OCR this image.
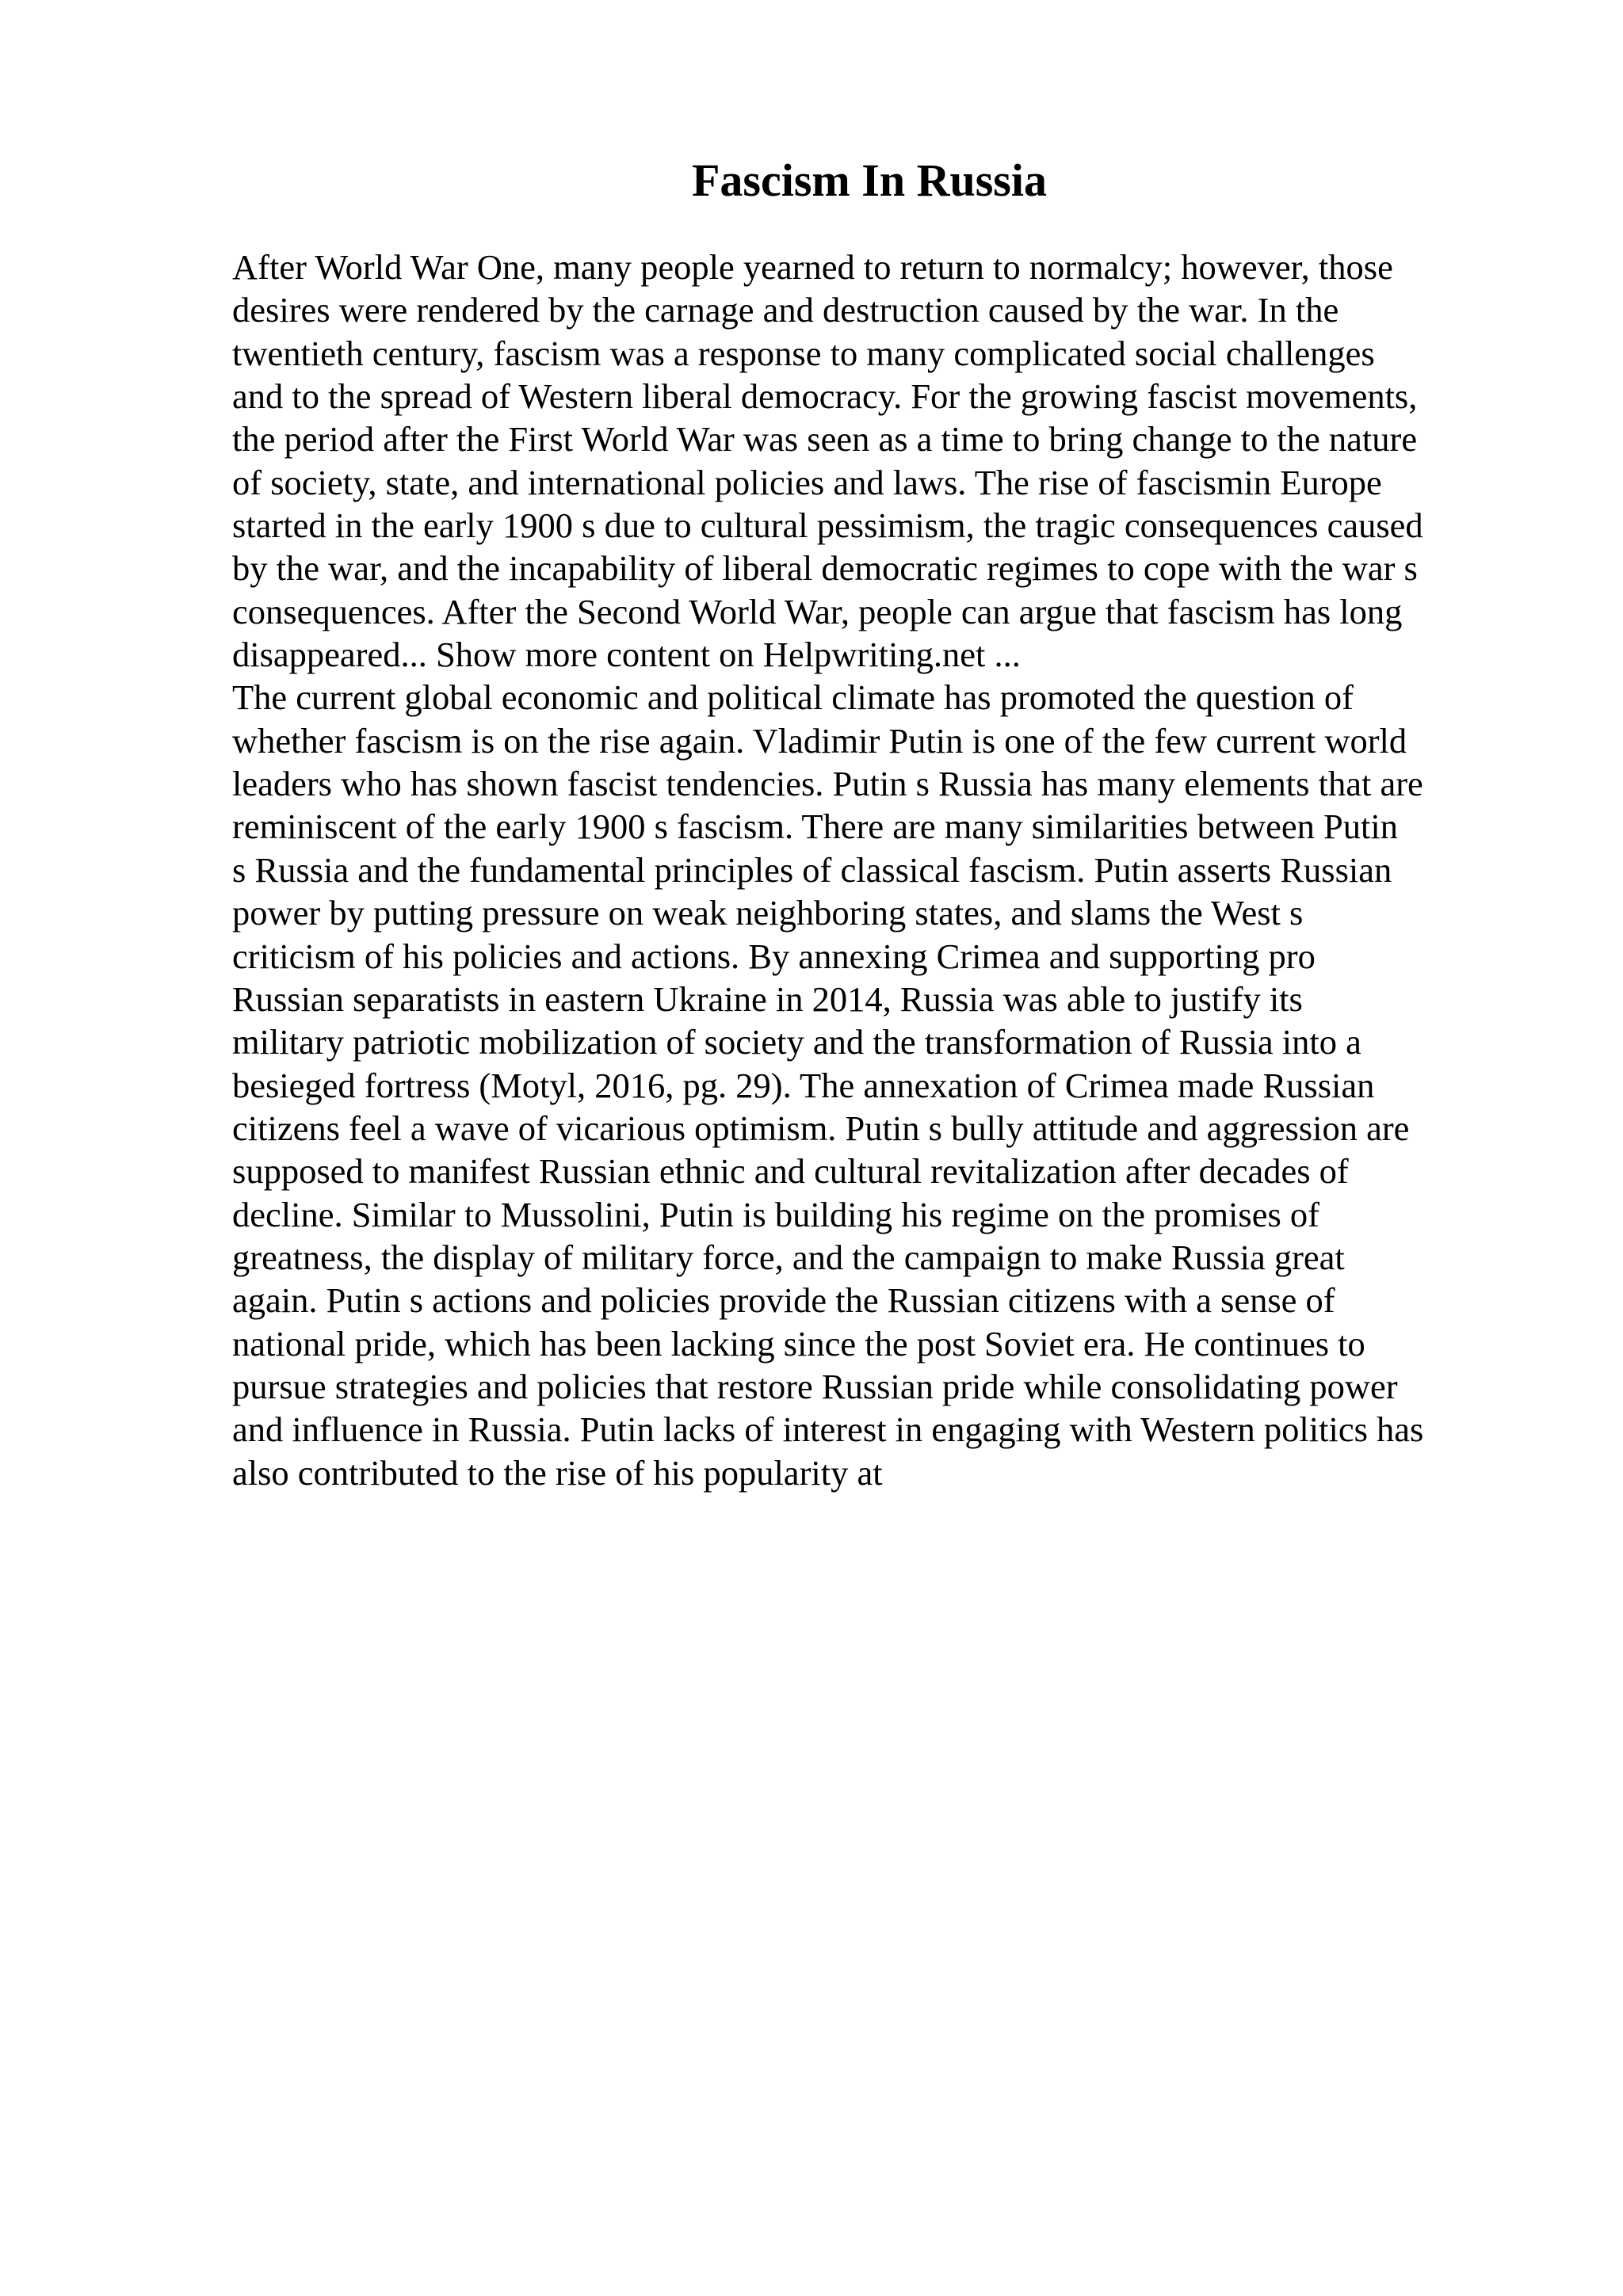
Fascism In Russia
After World War One, many people yearned to return to normalcy; however, those
desires were rendered by the carnage and destruction caused by the war. In the
twentieth century, fascism was a response to many complicated social challenges
and to the spread of Western liberal democracy. For the growing fascist movements,
the period after the First World War was seen as a time to bring change to the nature
of society, state, and international policies and laws. The rise of fascismin Europe
started in the early 1900 s due to cultural pessimism, the tragic consequences caused
by the war, and the incapability of liberal democratic regimes to cope with the war s
consequences. After the Second World War, people can argue that fascism has long
disappeared... Show more content on Helpwriting.net ...
The current global economic and political climate has promoted the question of
whether fascism is on the rise again. Vladimir Putin is one of the few current world
leaders who has shown fascist tendencies. Putin s Russia has many elements that are
reminiscent of the early 1900 s fascism. There are many similarities between Putin
s Russia and the fundamental principles of classical fascism. Putin asserts Russian
power by putting pressure on weak neighboring states, and slams the West s
criticism of his policies and actions. By annexing Crimea and supporting pro
Russian separatists in eastern Ukraine in 2014, Russia was able to justify its
military patriotic mobilization of society and the transformation of Russia into a
besieged fortress (Motyl, 2016, pg. 29). The annexation of Crimea made Russian
citizens feel a wave of vicarious optimism. Putin s bully attitude and aggression are
supposed to manifest Russian ethnic and cultural revitalization after decades of
decline. Similar to Mussolini, Putin is building his regime on the promises of
greatness, the display of military force, and the campaign to make Russia great
again. Putin s actions and policies provide the Russian citizens with a sense of
national pride, which has been lacking since the post Soviet era. He continues to
pursue strategies and policies that restore Russian pride while consolidating power
and influence in Russia. Putin lacks of interest in engaging with Western politics has
also contributed to the rise of his popularity at
